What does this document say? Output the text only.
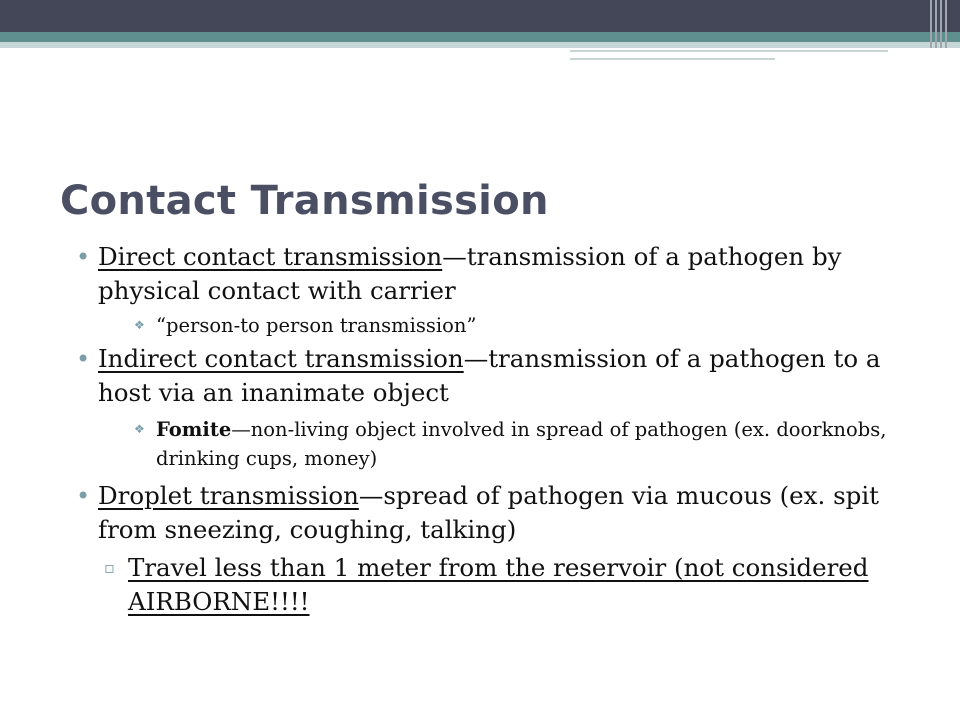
Contact Transmission
• Direct contact transmission—transmission of a pathogen by physical contact with carrier
❖ “person-to person transmission”
• Indirect contact transmission—transmission of a pathogen to a host via an inanimate object
❖ Fomite—non-living object involved in spread of pathogen (ex. doorknobs, drinking cups, money)
• Droplet transmission—spread of pathogen via mucous (ex. spit from sneezing, coughing, talking)
▫ Travel less than 1 meter from the reservoir (not considered AIRBORNE!!!!
